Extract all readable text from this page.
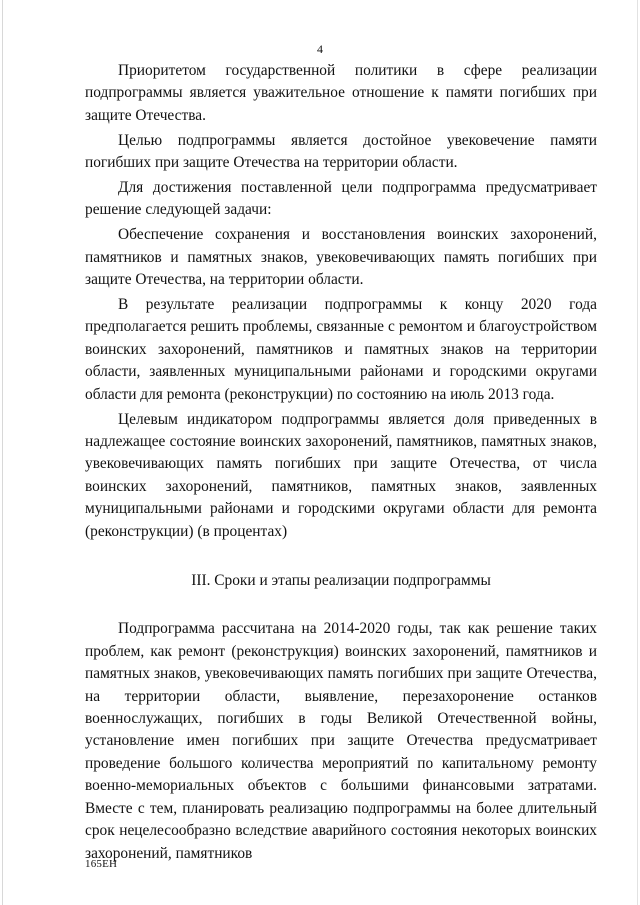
4

Приоритетом государственной политики в сфере реализации подпрограммы является уважительное отношение к памяти погибших при защите Отечества.

Целью подпрограммы является достойное увековечение памяти погибших при защите Отечества на территории области.

Для достижения поставленной цели подпрограмма предусматривает решение следующей задачи:

Обеспечение сохранения и восстановления воинских захоронений, памятников и памятных знаков, увековечивающих память погибших при защите Отечества, на территории области.

В результате реализации подпрограммы к концу 2020 года предполагается решить проблемы, связанные с ремонтом и благоустройством воинских захоронений, памятников и памятных знаков на территории области, заявленных муниципальными районами и городскими округами области для ремонта (реконструкции) по состоянию на июль 2013 года.

Целевым индикатором подпрограммы является доля приведенных в надлежащее состояние воинских захоронений, памятников, памятных знаков, увековечивающих память погибших при защите Отечества, от числа воинских захоронений, памятников, памятных знаков, заявленных муниципальными районами и городскими округами области для ремонта (реконструкции) (в процентах)

III. Сроки и этапы реализации подпрограммы

Подпрограмма рассчитана на 2014-2020 годы, так как решение таких проблем, как ремонт (реконструкция) воинских захоронений, памятников и памятных знаков, увековечивающих память погибших при защите Отечества, на территории области, выявление, перезахоронение останков военнослужащих, погибших в годы Великой Отечественной войны, установление имен погибших при защите Отечества предусматривает проведение большого количества мероприятий по капитальному ремонту военно-мемориальных объектов с большими финансовыми затратами. Вместе с тем, планировать реализацию подпрограммы на более длительный срок нецелесообразно вследствие аварийного состояния некоторых воинских захоронений, памятников

165ЕН
